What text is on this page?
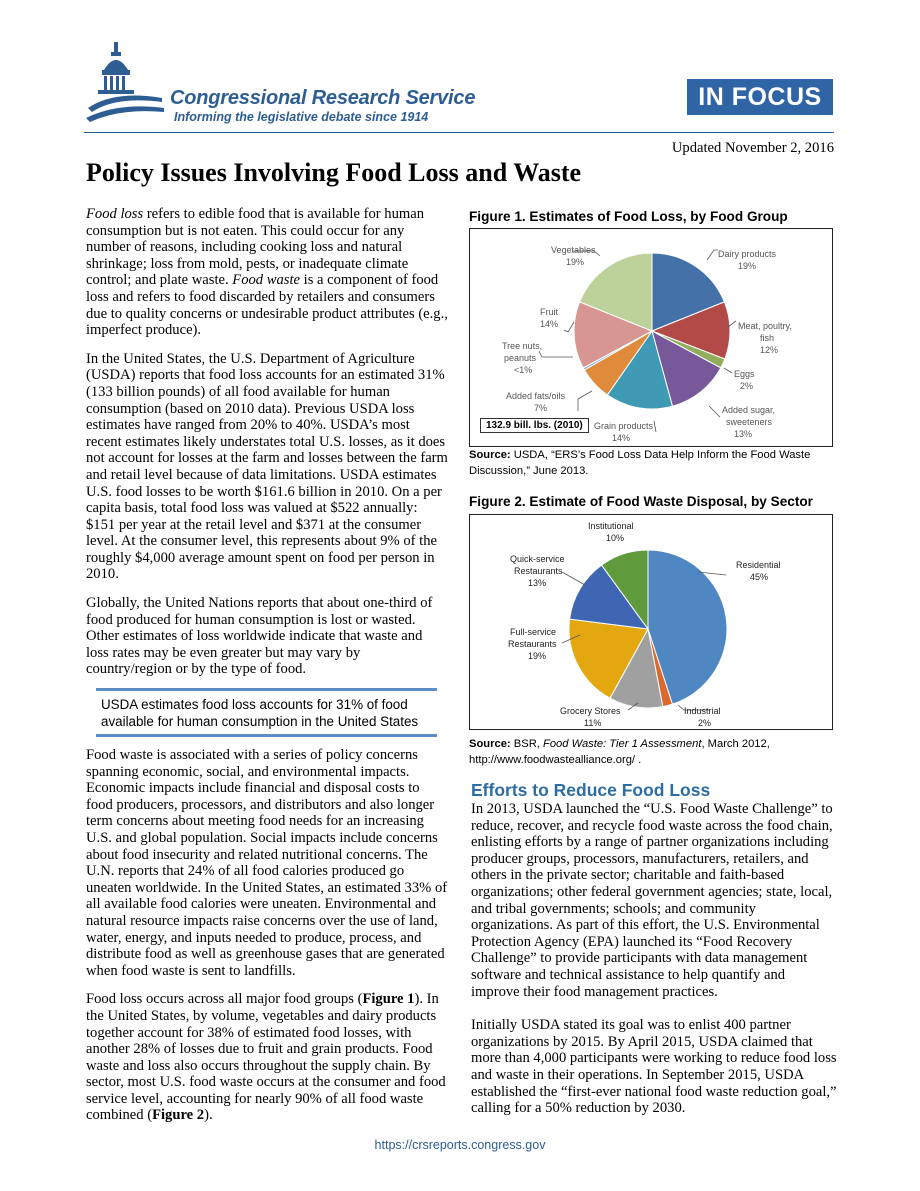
Congressional Research Service
Informing the legislative debate since 1914
IN FOCUS
Updated November 2, 2016
Policy Issues Involving Food Loss and Waste

Food loss refers to edible food that is available for human consumption but is not eaten. This could occur for any number of reasons, including cooking loss and natural shrinkage; loss from mold, pests, or inadequate climate control; and plate waste. Food waste is a component of food loss and refers to food discarded by retailers and consumers due to quality concerns or undesirable product attributes (e.g., imperfect produce).

In the United States, the U.S. Department of Agriculture (USDA) reports that food loss accounts for an estimated 31% (133 billion pounds) of all food available for human consumption (based on 2010 data). Previous USDA loss estimates have ranged from 20% to 40%. USDA’s most recent estimates likely understates total U.S. losses, as it does not account for losses at the farm and losses between the farm and retail level because of data limitations. USDA estimates U.S. food losses to be worth $161.6 billion in 2010. On a per capita basis, total food loss was valued at $522 annually: $151 per year at the retail level and $371 at the consumer level. At the consumer level, this represents about 9% of the roughly $4,000 average amount spent on food per person in 2010.

Globally, the United Nations reports that about one-third of food produced for human consumption is lost or wasted. Other estimates of loss worldwide indicate that waste and loss rates may be even greater but may vary by country/region or by the type of food.

USDA estimates food loss accounts for 31% of food available for human consumption in the United States

Food waste is associated with a series of policy concerns spanning economic, social, and environmental impacts. Economic impacts include financial and disposal costs to food producers, processors, and distributors and also longer term concerns about meeting food needs for an increasing U.S. and global population. Social impacts include concerns about food insecurity and related nutritional concerns. The U.N. reports that 24% of all food calories produced go uneaten worldwide. In the United States, an estimated 33% of all available food calories were uneaten. Environmental and natural resource impacts raise concerns over the use of land, water, energy, and inputs needed to produce, process, and distribute food as well as greenhouse gases that are generated when food waste is sent to landfills.

Food loss occurs across all major food groups (Figure 1). In the United States, by volume, vegetables and dairy products together account for 38% of estimated food losses, with another 28% of losses due to fruit and grain products. Food waste and loss also occurs throughout the supply chain. By sector, most U.S. food waste occurs at the consumer and food service level, accounting for nearly 90% of all food waste combined (Figure 2).

Figure 1. Estimates of Food Loss, by Food Group
Vegetables
19%
Dairy products
19%
Meat, poultry,
fish
12%
Eggs
2%
Added sugar,
sweeteners
13%
Grain products
14%
Added fats/oils
7%
Tree nuts,
peanuts
<1%
Fruit
14%
132.9 bill. lbs. (2010)
Source: USDA, “ERS’s Food Loss Data Help Inform the Food Waste Discussion,” June 2013.
Figure 2. Estimate of Food Waste Disposal, by Sector
Institutional
10%
Residential
45%
Quick-service
Restaurants
13%
Full-service
Restaurants
19%
Grocery Stores
11%
Industrial
2%
Source: BSR, Food Waste: Tier 1 Assessment, March 2012,
http://www.foodwastealliance.org/ .
Efforts to Reduce Food Loss

In 2013, USDA launched the “U.S. Food Waste Challenge” to reduce, recover, and recycle food waste across the food chain, enlisting efforts by a range of partner organizations including producer groups, processors, manufacturers, retailers, and others in the private sector; charitable and faith-based organizations; other federal government agencies; state, local, and tribal governments; schools; and community organizations. As part of this effort, the U.S. Environmental Protection Agency (EPA) launched its “Food Recovery Challenge” to provide participants with data management software and technical assistance to help quantify and improve their food management practices.

Initially USDA stated its goal was to enlist 400 partner organizations by 2015. By April 2015, USDA claimed that more than 4,000 participants were working to reduce food loss and waste in their operations. In September 2015, USDA established the “first-ever national food waste reduction goal,” calling for a 50% reduction by 2030.

https://crsreports.congress.gov
